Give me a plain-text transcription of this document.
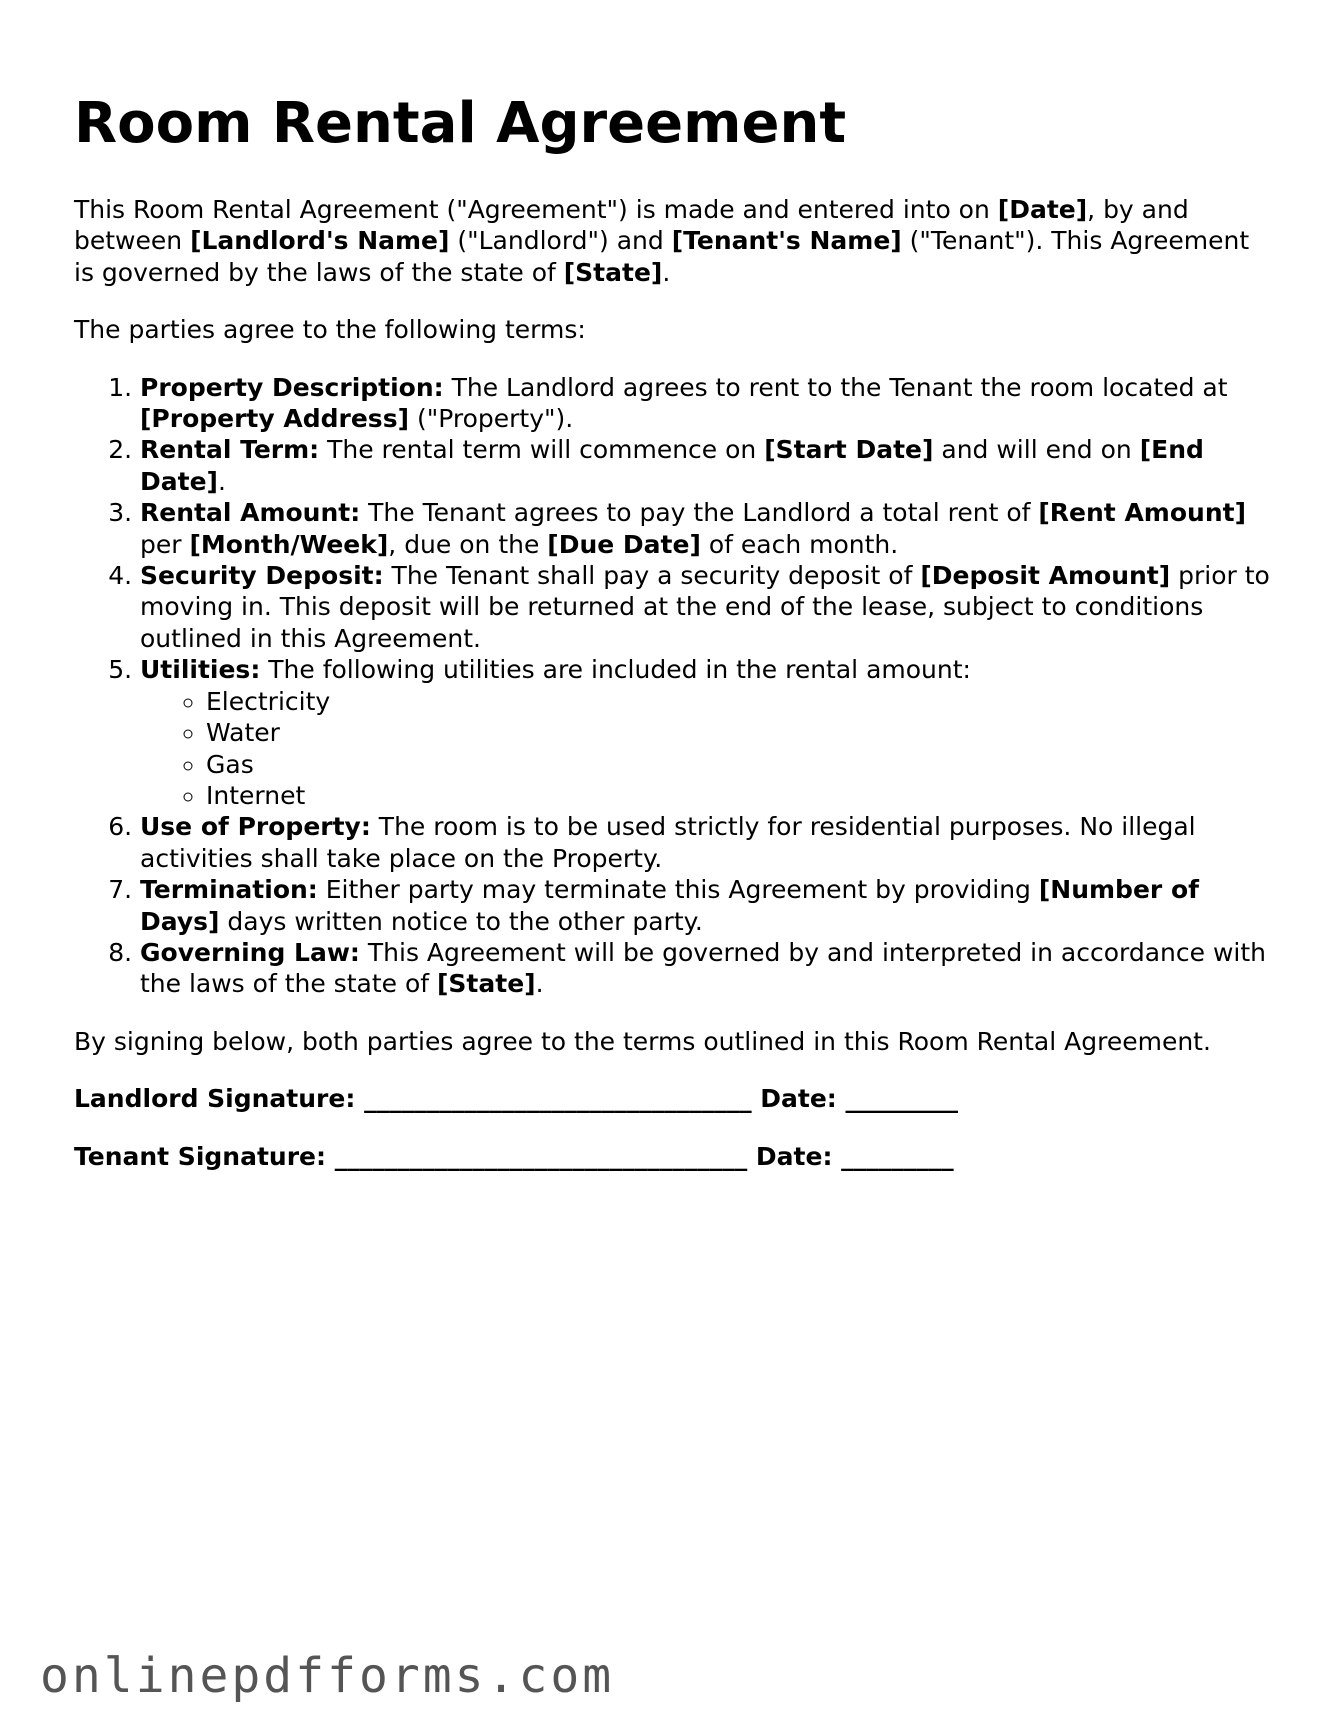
Room Rental Agreement

This Room Rental Agreement ("Agreement") is made and entered into on [Date], by and between [Landlord's Name] ("Landlord") and [Tenant's Name] ("Tenant"). This Agreement is governed by the laws of the state of [State].

The parties agree to the following terms:

1. Property Description: The Landlord agrees to rent to the Tenant the room located at [Property Address] ("Property").
2. Rental Term: The rental term will commence on [Start Date] and will end on [End Date].
3. Rental Amount: The Tenant agrees to pay the Landlord a total rent of [Rent Amount] per [Month/Week], due on the [Due Date] of each month.
4. Security Deposit: The Tenant shall pay a security deposit of [Deposit Amount] prior to moving in. This deposit will be returned at the end of the lease, subject to conditions outlined in this Agreement.
5. Utilities: The following utilities are included in the rental amount:
◦ Electricity
◦ Water
◦ Gas
◦ Internet
6. Use of Property: The room is to be used strictly for residential purposes. No illegal activities shall take place on the Property.
7. Termination: Either party may terminate this Agreement by providing [Number of Days] days written notice to the other party.
8. Governing Law: This Agreement will be governed by and interpreted in accordance with the laws of the state of [State].

By signing below, both parties agree to the terms outlined in this Room Rental Agreement.

Landlord Signature: _______________________________ Date: _________

Tenant Signature: _________________________________ Date: _________

onlinepdfforms.com
